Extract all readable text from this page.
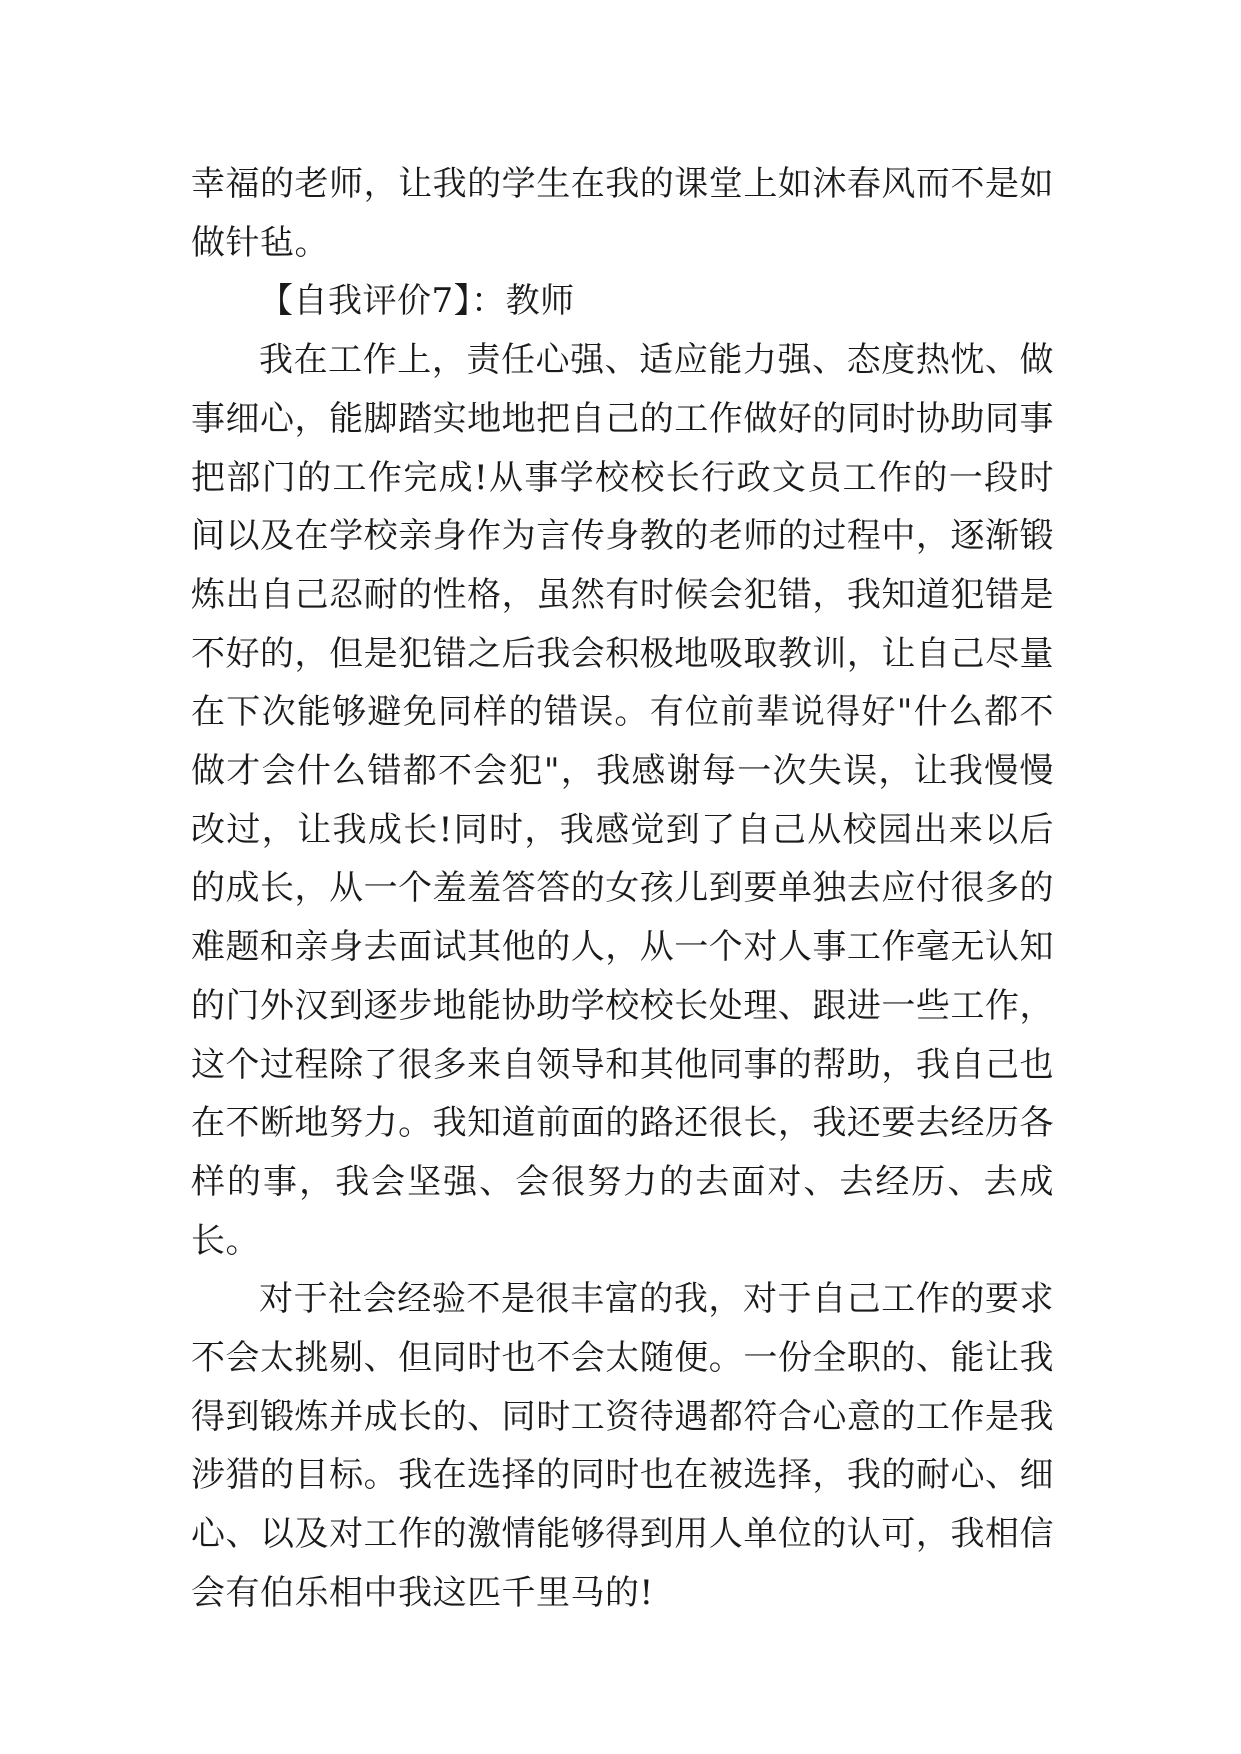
幸福的老师，让我的学生在我的课堂上如沐春风而不是如做针毡。

【自我评价7】：教师

我在工作上，责任心强、适应能力强、态度热忱、做事细心，能脚踏实地地把自己的工作做好的同时协助同事把部门的工作完成!从事学校校长行政文员工作的一段时间以及在学校亲身作为言传身教的老师的过程中，逐渐锻炼出自己忍耐的性格，虽然有时候会犯错，我知道犯错是不好的，但是犯错之后我会积极地吸取教训，让自己尽量在下次能够避免同样的错误。有位前辈说得好"什么都不做才会什么错都不会犯"，我感谢每一次失误，让我慢慢改过，让我成长!同时，我感觉到了自己从校园出来以后的成长，从一个羞羞答答的女孩儿到要单独去应付很多的难题和亲身去面试其他的人，从一个对人事工作毫无认知的门外汉到逐步地能协助学校校长处理、跟进一些工作，这个过程除了很多来自领导和其他同事的帮助，我自己也在不断地努力。我知道前面的路还很长，我还要去经历各样的事，我会坚强、会很努力的去面对、去经历、去成长。

对于社会经验不是很丰富的我，对于自己工作的要求不会太挑剔、但同时也不会太随便。一份全职的、能让我得到锻炼并成长的、同时工资待遇都符合心意的工作是我涉猎的目标。我在选择的同时也在被选择，我的耐心、细心、以及对工作的激情能够得到用人单位的认可，我相信会有伯乐相中我这匹千里马的!
